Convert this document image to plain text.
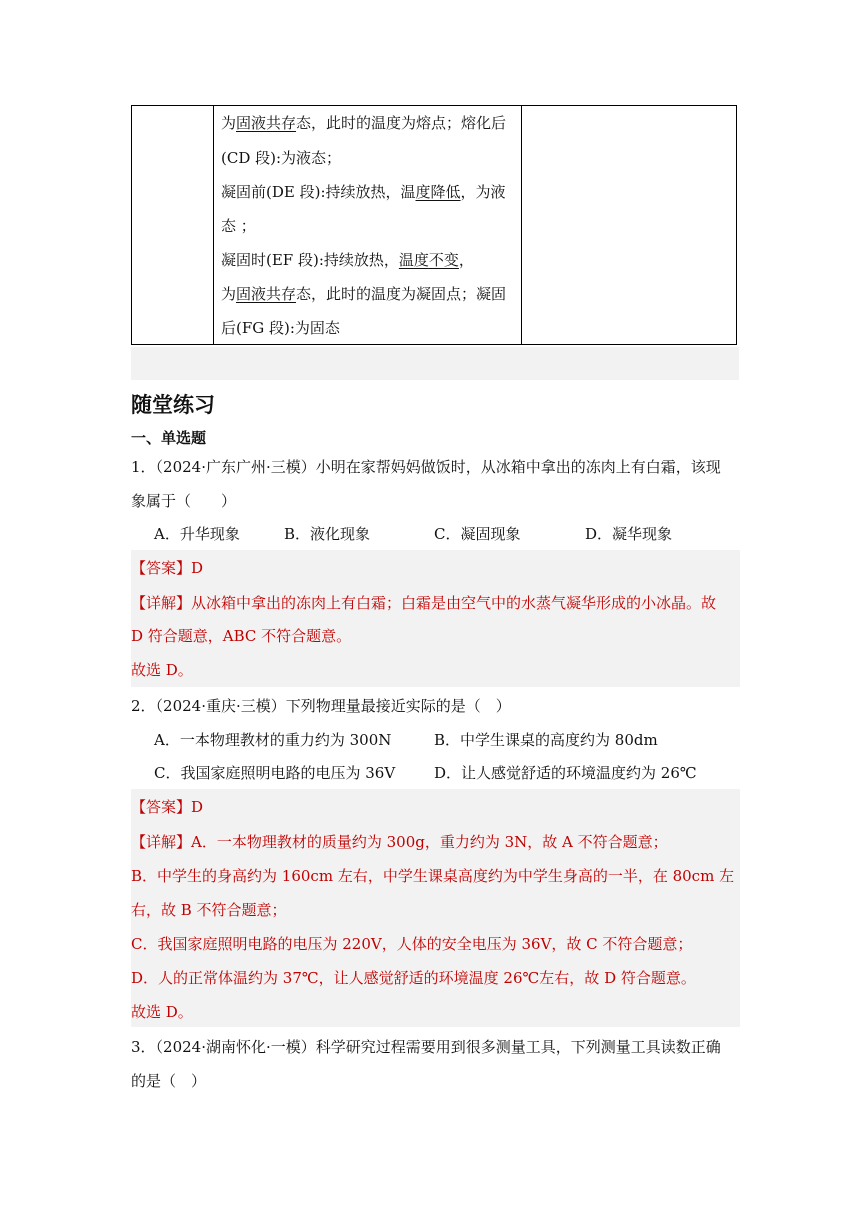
为固液共存态，此时的温度为熔点；熔化后
(CD 段):为液态；
凝固前(DE 段):持续放热，温度降低，为液
态 ；
凝固时(EF 段):持续放热，温度不变，
为固液共存态，此时的温度为凝固点；凝固
后(FG 段):为固态
随堂练习
一、单选题
1．（2024·广东广州·三模）小明在家帮妈妈做饭时，从冰箱中拿出的冻肉上有白霜，该现
象属于（　　）
A．升华现象	B．液化现象	C．凝固现象	D．凝华现象
【答案】D
【详解】从冰箱中拿出的冻肉上有白霜；白霜是由空气中的水蒸气凝华形成的小冰晶。故
D 符合题意，ABC 不符合题意。
故选 D。
2．（2024·重庆·三模）下列物理量最接近实际的是（　）
A．一本物理教材的重力约为 300N	B．中学生课桌的高度约为 80dm
C．我国家庭照明电路的电压为 36V	D．让人感觉舒适的环境温度约为 26℃
【答案】D
【详解】A．一本物理教材的质量约为 300g，重力约为 3N，故 A 不符合题意；
B．中学生的身高约为 160cm 左右，中学生课桌高度约为中学生身高的一半，在 80cm 左
右，故 B 不符合题意；
C．我国家庭照明电路的电压为 220V，人体的安全电压为 36V，故 C 不符合题意；
D．人的正常体温约为 37℃，让人感觉舒适的环境温度 26℃左右，故 D 符合题意。
故选 D。
3．（2024·湖南怀化·一模）科学研究过程需要用到很多测量工具，下列测量工具读数正确
的是（　）
